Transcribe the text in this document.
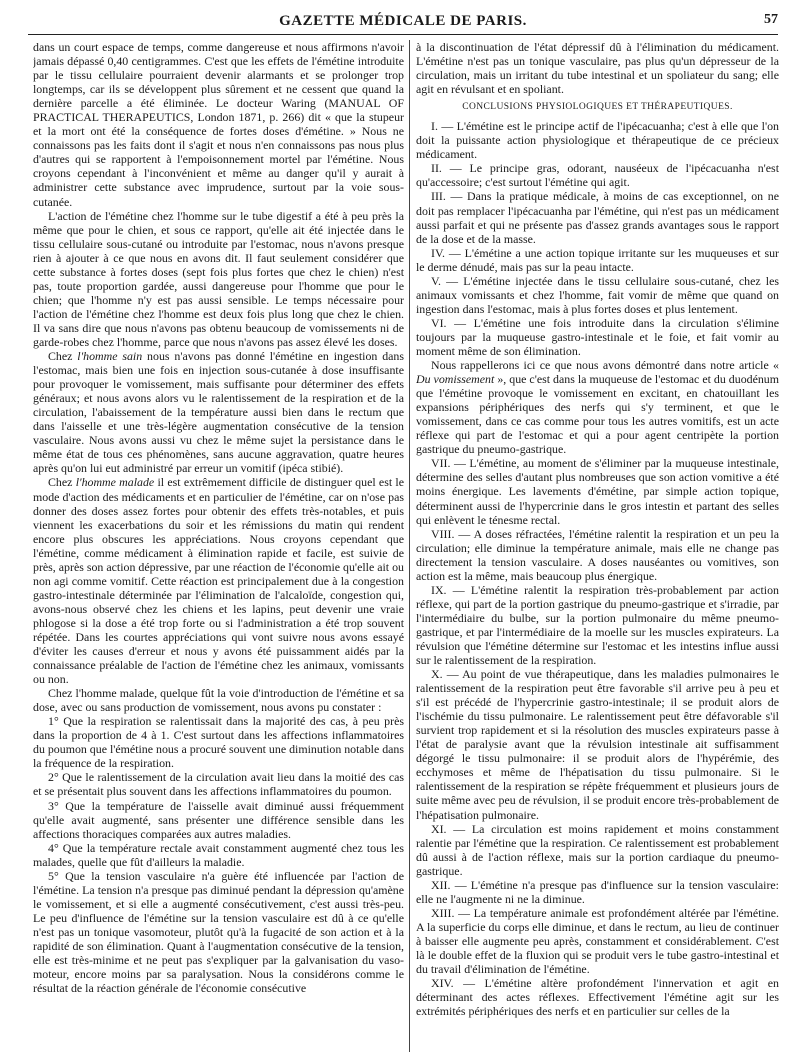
GAZETTE MÉDICALE DE PARIS.	57

dans un court espace de temps, comme dangereuse et nous affirmons n'avoir jamais dépassé 0,40 centigrammes. C'est que les effets de l'émétine introduite par le tissu cellulaire pourraient devenir alarmants et se prolonger trop longtemps, car ils se développent plus sûrement et ne cessent que quand la dernière parcelle a été éliminée. Le docteur Waring (MANUAL OF PRACTICAL THERAPEUTICS, London 1871, p. 266) dit « que la stupeur et la mort ont été la conséquence de fortes doses d'émétine. » Nous ne connaissons pas les faits dont il s'agit et nous n'en connaissons pas nous plus d'autres qui se rapportent à l'empoisonnement mortel par l'émétine. Nous croyons cependant à l'inconvénient et même au danger qu'il y aurait à administrer cette substance avec imprudence, surtout par la voie sous-cutanée.

L'action de l'émétine chez l'homme sur le tube digestif a été à peu près la même que pour le chien, et sous ce rapport, qu'elle ait été injectée dans le tissu cellulaire sous-cutané ou introduite par l'estomac, nous n'avons presque rien à ajouter à ce que nous en avons dit. Il faut seulement considérer que cette substance à fortes doses (sept fois plus fortes que chez le chien) n'est pas, toute proportion gardée, aussi dangereuse pour l'homme que pour le chien; que l'homme n'y est pas aussi sensible. Le temps nécessaire pour l'action de l'émétine chez l'homme est deux fois plus long que chez le chien. Il va sans dire que nous n'avons pas obtenu beaucoup de vomissements ni de garde-robes chez l'homme, parce que nous n'avons pas assez élevé les doses.

Chez l'homme sain nous n'avons pas donné l'émétine en ingestion dans l'estomac, mais bien une fois en injection sous-cutanée à dose insuffisante pour provoquer le vomissement, mais suffisante pour déterminer des effets généraux; et nous avons alors vu le ralentissement de la respiration et de la circulation, l'abaissement de la température aussi bien dans le rectum que dans l'aisselle et une très-légère augmentation consécutive de la tension vasculaire. Nous avons aussi vu chez le même sujet la persistance dans le même état de tous ces phénomènes, sans aucune aggravation, quatre heures après qu'on lui eut administré par erreur un vomitif (ipéca stibié).

Chez l'homme malade il est extrêmement difficile de distinguer quel est le mode d'action des médicaments et en particulier de l'émétine, car on n'ose pas donner des doses assez fortes pour obtenir des effets très-notables, et puis viennent les exacerbations du soir et les rémissions du matin qui rendent encore plus obscures les appréciations. Nous croyons cependant que l'émétine, comme médicament à élimination rapide et facile, est suivie de près, après son action dépressive, par une réaction de l'économie qu'elle ait ou non agi comme vomitif. Cette réaction est principalement due à la congestion gastro-intestinale déterminée par l'élimination de l'alcaloïde, congestion qui, avons-nous observé chez les chiens et les lapins, peut devenir une vraie phlogose si la dose a été trop forte ou si l'administration a été trop souvent répétée. Dans les courtes appréciations qui vont suivre nous avons essayé d'éviter les causes d'erreur et nous y avons été puissamment aidés par la connaissance préalable de l'action de l'émétine chez les animaux, vomissants ou non.

Chez l'homme malade, quelque fût la voie d'introduction de l'émétine et sa dose, avec ou sans production de vomissement, nous avons pu constater :

1° Que la respiration se ralentissait dans la majorité des cas, à peu près dans la proportion de 4 à 1. C'est surtout dans les affections inflammatoires du poumon que l'émétine nous a procuré souvent une diminution notable dans la fréquence de la respiration.

2° Que le ralentissement de la circulation avait lieu dans la moitié des cas et se présentait plus souvent dans les affections inflammatoires du poumon.

3° Que la température de l'aisselle avait diminué aussi fréquemment qu'elle avait augmenté, sans présenter une différence sensible dans les affections thoraciques comparées aux autres maladies.

4° Que la température rectale avait constamment augmenté chez tous les malades, quelle que fût d'ailleurs la maladie.

5° Que la tension vasculaire n'a guère été influencée par l'action de l'émétine. La tension n'a presque pas diminué pendant la dépression qu'amène le vomissement, et si elle a augmenté consécutivement, c'est aussi très-peu. Le peu d'influence de l'émétine sur la tension vasculaire est dû à ce qu'elle n'est pas un tonique vasomoteur, plutôt qu'à la fugacité de son action et à la rapidité de son élimination. Quant à l'augmentation consécutive de la tension, elle est très-minime et ne peut pas s'expliquer par la galvanisation du vaso-moteur, encore moins par sa paralysation. Nous la considérons comme le résultat de la réaction générale de l'économie consécutive

à la discontinuation de l'état dépressif dû à l'élimination du médicament. L'émétine n'est pas un tonique vasculaire, pas plus qu'un dépresseur de la circulation, mais un irritant du tube intestinal et un spoliateur du sang; elle agit en révulsant et en spoliant.

CONCLUSIONS PHYSIOLOGIQUES ET THÉRAPEUTIQUES.

I. — L'émétine est le principe actif de l'ipécacuanha; c'est à elle que l'on doit la puissante action physiologique et thérapeutique de ce précieux médicament.

II. — Le principe gras, odorant, nauséeux de l'ipécacuanha n'est qu'accessoire; c'est surtout l'émétine qui agit.

III. — Dans la pratique médicale, à moins de cas exceptionnel, on ne doit pas remplacer l'ipécacuanha par l'émétine, qui n'est pas un médicament aussi parfait et qui ne présente pas d'assez grands avantages sous le rapport de la dose et de la masse.

IV. — L'émétine a une action topique irritante sur les muqueuses et sur le derme dénudé, mais pas sur la peau intacte.

V. — L'émétine injectée dans le tissu cellulaire sous-cutané, chez les animaux vomissants et chez l'homme, fait vomir de même que quand on ingestion dans l'estomac, mais à plus fortes doses et plus lentement.

VI. — L'émétine une fois introduite dans la circulation s'élimine toujours par la muqueuse gastro-intestinale et le foie, et fait vomir au moment même de son élimination.

Nous rappellerons ici ce que nous avons démontré dans notre article « Du vomissement », que c'est dans la muqueuse de l'estomac et du duodénum que l'émétine provoque le vomissement en excitant, en chatouillant les expansions périphériques des nerfs qui s'y terminent, et que le vomissement, dans ce cas comme pour tous les autres vomitifs, est un acte réflexe qui part de l'estomac et qui a pour agent centripète la portion gastrique du pneumo-gastrique.

VII. — L'émétine, au moment de s'éliminer par la muqueuse intestinale, détermine des selles d'autant plus nombreuses que son action vomitive a été moins énergique. Les lavements d'émétine, par simple action topique, déterminent aussi de l'hypercrinie dans le gros intestin et partant des selles qui enlèvent le ténesme rectal.

VIII. — A doses réfractées, l'émétine ralentit la respiration et un peu la circulation; elle diminue la température animale, mais elle ne change pas directement la tension vasculaire. A doses nauséantes ou vomitives, son action est la même, mais beaucoup plus énergique.

IX. — L'émétine ralentit la respiration très-probablement par action réflexe, qui part de la portion gastrique du pneumo-gastrique et s'irradie, par l'intermédiaire du bulbe, sur la portion pulmonaire du même pneumo-gastrique, et par l'intermédiaire de la moelle sur les muscles expirateurs. La révulsion que l'émétine détermine sur l'estomac et les intestins influe aussi sur le ralentissement de la respiration.

X. — Au point de vue thérapeutique, dans les maladies pulmonaires le ralentissement de la respiration peut être favorable s'il arrive peu à peu et s'il est précédé de l'hypercrinie gastro-intestinale; il se produit alors de l'ischémie du tissu pulmonaire. Le ralentissement peut être défavorable s'il survient trop rapidement et si la résolution des muscles expirateurs passe à l'état de paralysie avant que la révulsion intestinale ait suffisamment dégorgé le tissu pulmonaire: il se produit alors de l'hypérémie, des ecchymoses et même de l'hépatisation du tissu pulmonaire. Si le ralentissement de la respiration se répète fréquemment et plusieurs jours de suite même avec peu de révulsion, il se produit encore très-probablement de l'hépatisation pulmonaire.

XI. — La circulation est moins rapidement et moins constamment ralentie par l'émétine que la respiration. Ce ralentissement est probablement dû aussi à de l'action réflexe, mais sur la portion cardiaque du pneumo-gastrique.

XII. — L'émétine n'a presque pas d'influence sur la tension vasculaire: elle ne l'augmente ni ne la diminue.

XIII. — La température animale est profondément altérée par l'émétine. A la superficie du corps elle diminue, et dans le rectum, au lieu de continuer à baisser elle augmente peu après, constamment et considérablement. C'est là le double effet de la fluxion qui se produit vers le tube gastro-intestinal et du travail d'élimination de l'émétine.

XIV. — L'émétine altère profondément l'innervation et agit en déterminant des actes réflexes. Effectivement l'émétine agit sur les extrémités périphériques des nerfs et en particulier sur celles de la
